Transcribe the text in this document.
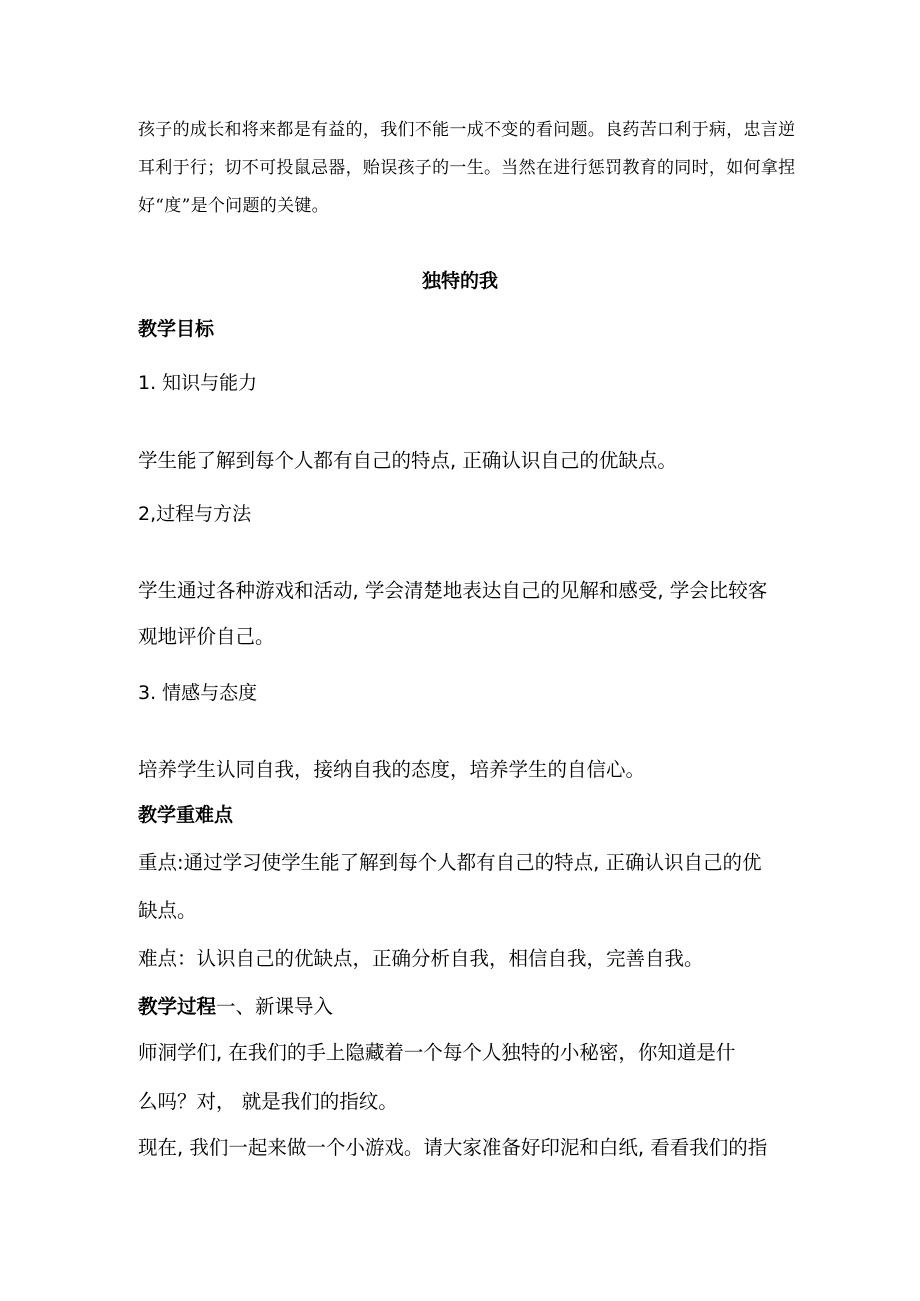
孩子的成长和将来都是有益的，我们不能一成不变的看问题。良药苦口利于病，忠言逆

耳利于行；切不可投鼠忌器，贻误孩子的一生。当然在进行惩罚教育的同时，如何拿捏

好“度”是个问题的关键。

独特的我

教学目标

1. 知识与能力

学生能了解到每个人都有自己的特点, 正确认识自己的优缺点。

2,过程与方法

学生通过各种游戏和活动, 学会清楚地表达自己的见解和感受, 学会比较客

观地评价自己。

3. 情感与态度

培养学生认同自我，接纳自我的态度，培养学生的自信心。

教学重难点

重点:通过学习使学生能了解到每个人都有自己的特点, 正确认识自己的优

缺点。

难点：认识自己的优缺点，正确分析自我，相信自我，完善自我。

教学过程一、新课导入

师洞学们, 在我们的手上隐藏着一个每个人独特的小秘密，你知道是什

么吗？对， 就是我们的指纹。

现在, 我们一起来做一个小游戏。请大家准备好印泥和白纸, 看看我们的指
